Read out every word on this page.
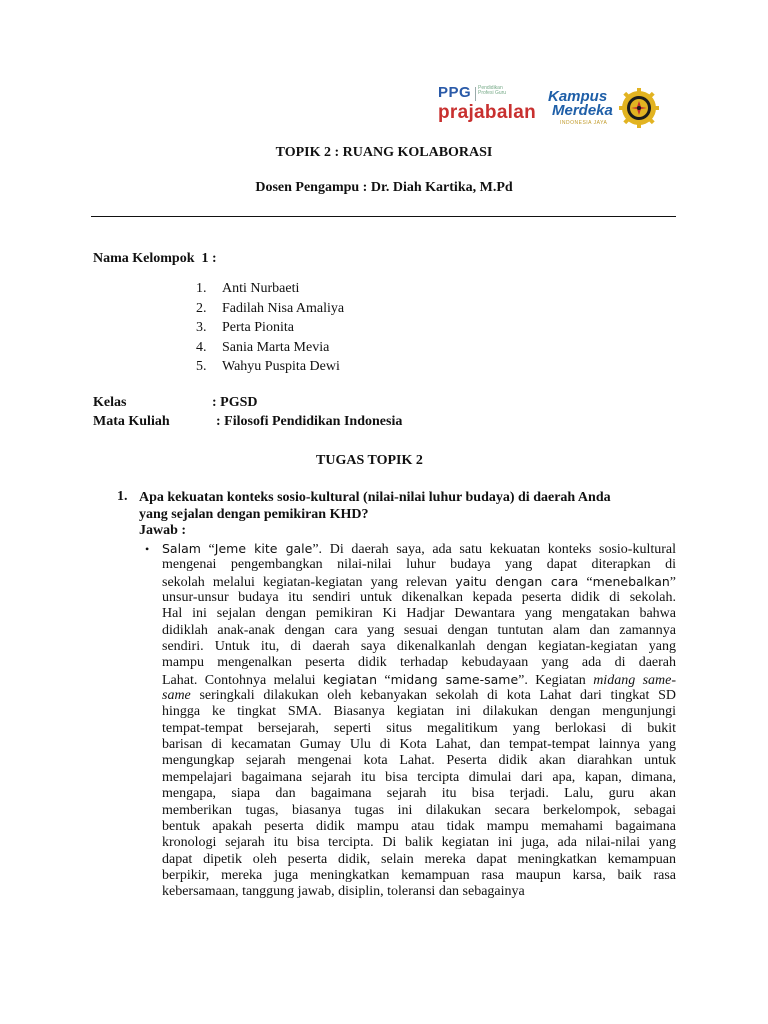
PPG Pendidikan Profesi Guru
prajabalan
Kampus
Merdeka
INDONESIA JAYA
TOPIK 2 : RUANG KOLABORASI
Dosen Pengampu : Dr. Diah Kartika, M.Pd
Nama Kelompok  1 :
1. Anti Nurbaeti
2. Fadilah Nisa Amaliya
3. Perta Pionita
4. Sania Marta Mevia
5. Wahyu Puspita Dewi
Kelas	: PGSD
Mata Kuliah	: Filosofi Pendidikan Indonesia
TUGAS TOPIK 2
1. Apa kekuatan konteks sosio-kultural (nilai-nilai luhur budaya) di daerah Anda
yang sejalan dengan pemikiran KHD?
Jawab :
• Salam “Jeme kite gale”. Di daerah saya, ada satu kekuatan konteks sosio-kultural
mengenai pengembangkan nilai-nilai luhur budaya yang dapat diterapkan di
sekolah melalui kegiatan-kegiatan yang relevan yaitu dengan cara “menebalkan”
unsur-unsur budaya itu sendiri untuk dikenalkan kepada peserta didik di sekolah.
Hal ini sejalan dengan pemikiran Ki Hadjar Dewantara yang mengatakan bahwa
didiklah anak-anak dengan cara yang sesuai dengan tuntutan alam dan zamannya
sendiri. Untuk itu, di daerah saya dikenalkanlah dengan kegiatan-kegiatan yang
mampu mengenalkan peserta didik terhadap kebudayaan yang ada di daerah
Lahat. Contohnya melalui kegiatan “midang same-same”. Kegiatan midang same-
same seringkali dilakukan oleh kebanyakan sekolah di kota Lahat dari tingkat SD
hingga ke tingkat SMA. Biasanya kegiatan ini dilakukan dengan mengunjungi
tempat-tempat bersejarah, seperti situs megalitikum yang berlokasi di bukit
barisan di kecamatan Gumay Ulu di Kota Lahat, dan tempat-tempat lainnya yang
mengungkap sejarah mengenai kota Lahat. Peserta didik akan diarahkan untuk
mempelajari bagaimana sejarah itu bisa tercipta dimulai dari apa, kapan, dimana,
mengapa, siapa dan bagaimana sejarah itu bisa terjadi. Lalu, guru akan
memberikan tugas, biasanya tugas ini dilakukan secara berkelompok, sebagai
bentuk apakah peserta didik mampu atau tidak mampu memahami bagaimana
kronologi sejarah itu bisa tercipta. Di balik kegiatan ini juga, ada nilai-nilai yang
dapat dipetik oleh peserta didik, selain mereka dapat meningkatkan kemampuan
berpikir, mereka juga meningkatkan kemampuan rasa maupun karsa, baik rasa
kebersamaan, tanggung jawab, disiplin, toleransi dan sebagainya
